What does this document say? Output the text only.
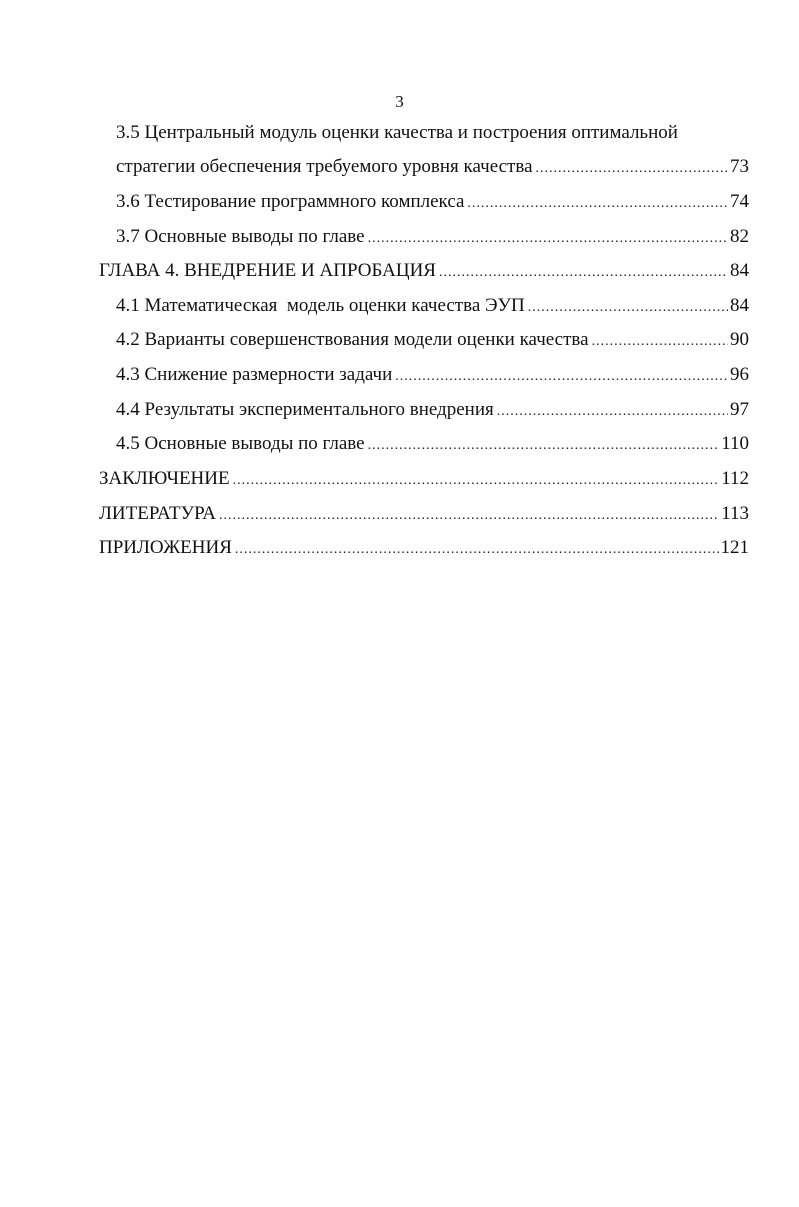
3
3.5 Центральный модуль оценки качества и построения оптимальной
стратегии обеспечения требуемого уровня качества .....	73
3.6 Тестирование программного комплекса .....	74
3.7 Основные выводы по главе .....	82
ГЛАВА 4. ВНЕДРЕНИЕ И АПРОБАЦИЯ .....	84
4.1 Математическая  модель оценки качества ЭУП .....	84
4.2 Варианты совершенствования модели оценки качества .....	90
4.3 Снижение размерности задачи .....	96
4.4 Результаты экспериментального внедрения .....	97
4.5 Основные выводы по главе .....	110
ЗАКЛЮЧЕНИЕ .....	112
ЛИТЕРАТУРА .....	113
ПРИЛОЖЕНИЯ .....	121
